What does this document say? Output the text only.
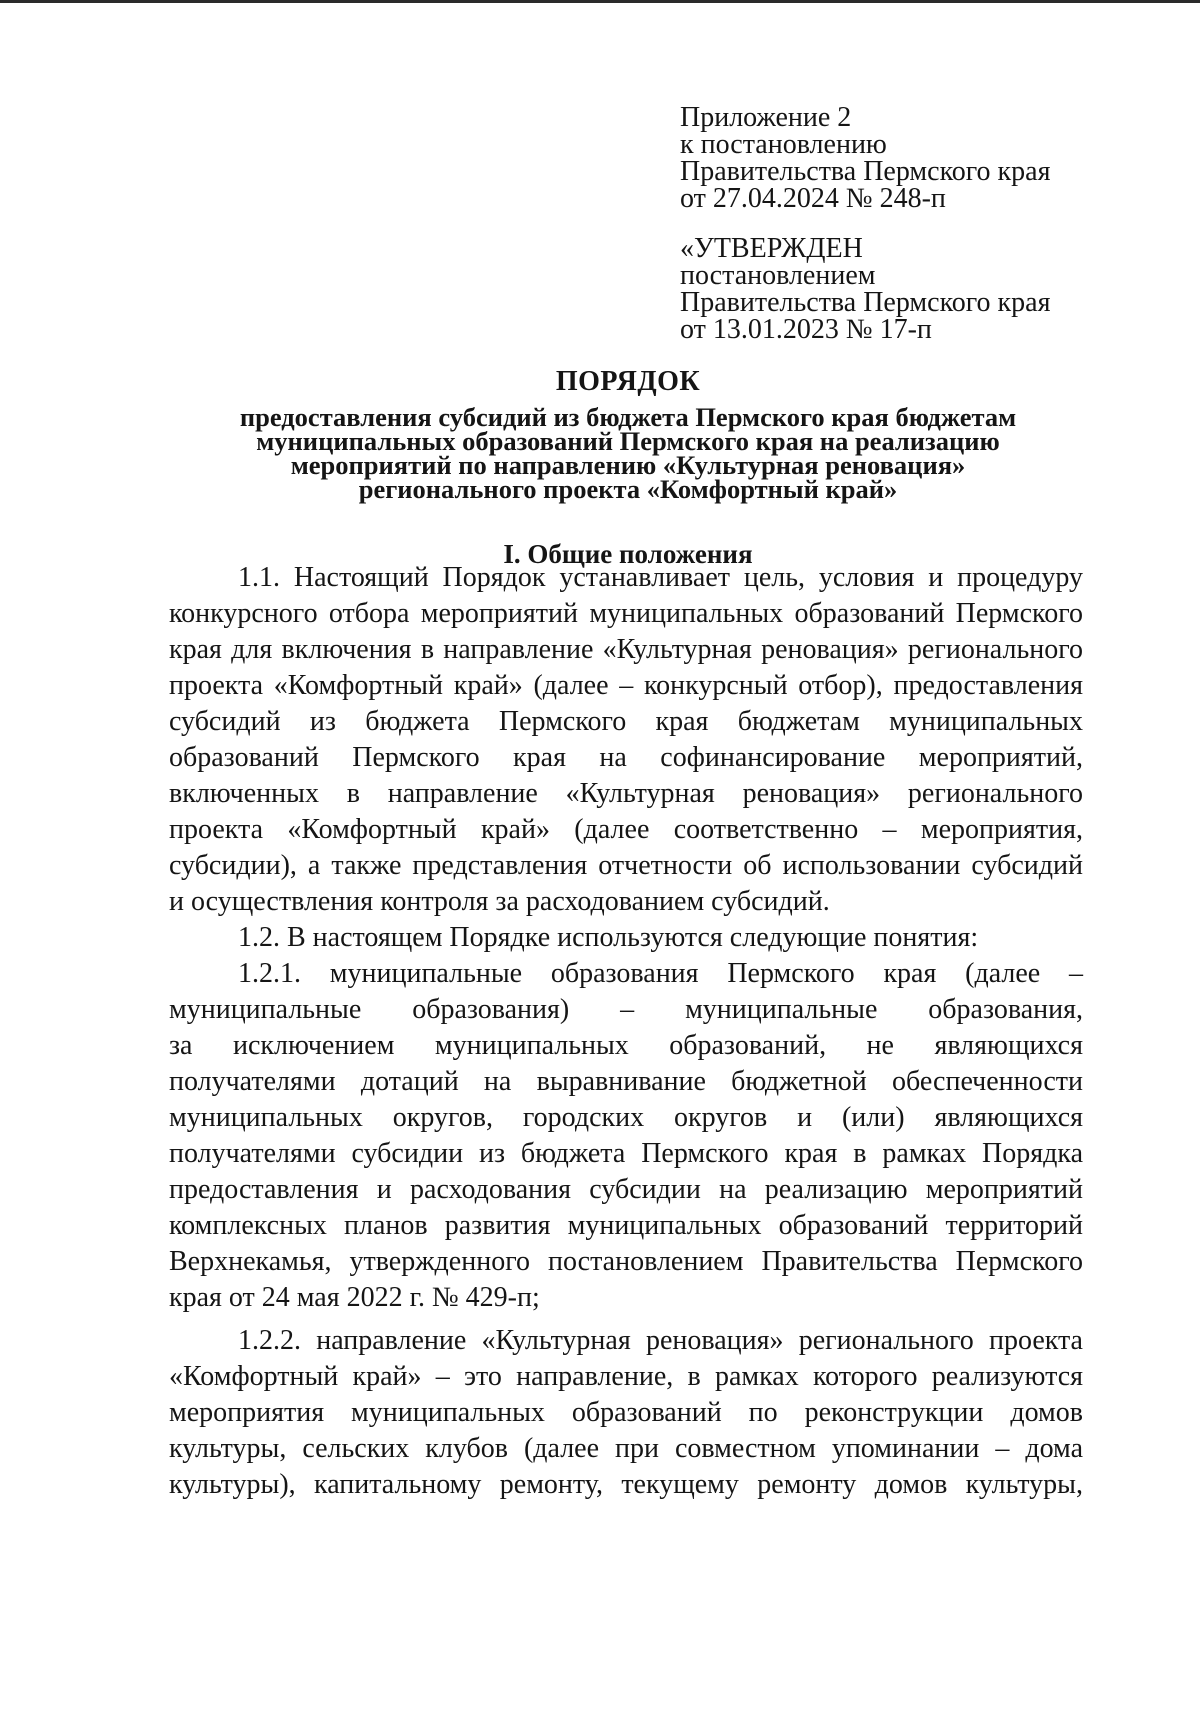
Приложение 2
к постановлению
Правительства Пермского края
от 27.04.2024 № 248-п
«УТВЕРЖДЕН
постановлением
Правительства Пермского края
от 13.01.2023 № 17-п
ПОРЯДОК
предоставления субсидий из бюджета Пермского края бюджетам
муниципальных образований Пермского края на реализацию
мероприятий по направлению «Культурная реновация»
регионального проекта «Комфортный край»
I. Общие положения
1.1. Настоящий Порядок устанавливает цель, условия и процедуру
конкурсного отбора мероприятий муниципальных образований Пермского
края для включения в направление «Культурная реновация» регионального
проекта «Комфортный край» (далее – конкурсный отбор), предоставления
субсидий из бюджета Пермского края бюджетам муниципальных
образований Пермского края на софинансирование мероприятий,
включенных в направление «Культурная реновация» регионального
проекта «Комфортный край» (далее соответственно – мероприятия,
субсидии), а также представления отчетности об использовании субсидий
и осуществления контроля за расходованием субсидий.
1.2. В настоящем Порядке используются следующие понятия:
1.2.1. муниципальные образования Пермского края (далее –
муниципальные образования) – муниципальные образования,
за исключением муниципальных образований, не являющихся
получателями дотаций на выравнивание бюджетной обеспеченности
муниципальных округов, городских округов и (или) являющихся
получателями субсидии из бюджета Пермского края в рамках Порядка
предоставления и расходования субсидии на реализацию мероприятий
комплексных планов развития муниципальных образований территорий
Верхнекамья, утвержденного постановлением Правительства Пермского
края от 24 мая 2022 г. № 429-п;
1.2.2. направление «Культурная реновация» регионального проекта
«Комфортный край» – это направление, в рамках которого реализуются
мероприятия муниципальных образований по реконструкции домов
культуры, сельских клубов (далее при совместном упоминании – дома
культуры), капитальному ремонту, текущему ремонту домов культуры,
